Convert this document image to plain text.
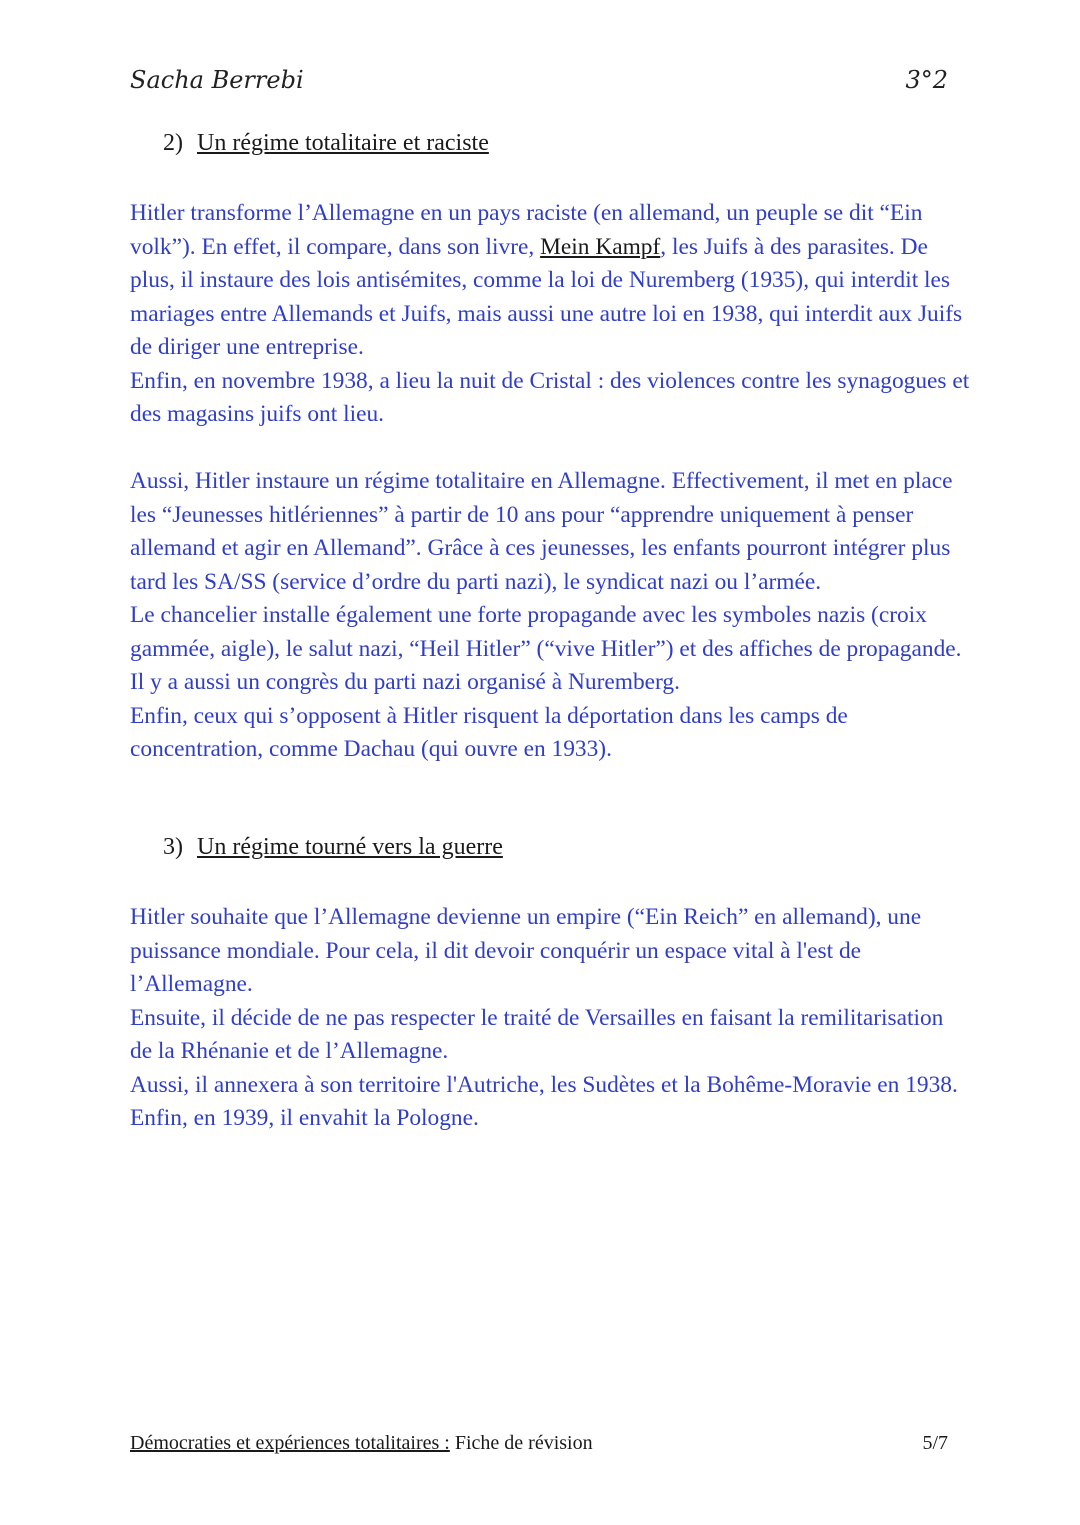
Sacha Berrebi	3°2
2) Un régime totalitaire et raciste

Hitler transforme l’Allemagne en un pays raciste (en allemand, un peuple se dit “Ein volk”). En effet, il compare, dans son livre, Mein Kampf, les Juifs à des parasites. De plus, il instaure des lois antisémites, comme la loi de Nuremberg (1935), qui interdit les mariages entre Allemands et Juifs, mais aussi une autre loi en 1938, qui interdit aux Juifs de diriger une entreprise.

Enfin, en novembre 1938, a lieu la nuit de Cristal : des violences contre les synagogues et des magasins juifs ont lieu.

Aussi, Hitler instaure un régime totalitaire en Allemagne. Effectivement, il met en place les “Jeunesses hitlériennes” à partir de 10 ans pour “apprendre uniquement à penser allemand et agir en Allemand”. Grâce à ces jeunesses, les enfants pourront intégrer plus tard les SA/SS (service d’ordre du parti nazi), le syndicat nazi ou l’armée.

Le chancelier installe également une forte propagande avec les symboles nazis (croix gammée, aigle), le salut nazi, “Heil Hitler” (“vive Hitler”) et des affiches de propagande. Il y a aussi un congrès du parti nazi organisé à Nuremberg.

Enfin, ceux qui s’opposent à Hitler risquent la déportation dans les camps de concentration, comme Dachau (qui ouvre en 1933).

3) Un régime tourné vers la guerre

Hitler souhaite que l’Allemagne devienne un empire (“Ein Reich” en allemand), une puissance mondiale. Pour cela, il dit devoir conquérir un espace vital à l'est de l’Allemagne.

Ensuite, il décide de ne pas respecter le traité de Versailles en faisant la remilitarisation de la Rhénanie et de l’Allemagne.

Aussi, il annexera à son territoire l'Autriche, les Sudètes et la Bohême-Moravie en 1938.

Enfin, en 1939, il envahit la Pologne.

Démocraties et expériences totalitaires : Fiche de révision	5/7
